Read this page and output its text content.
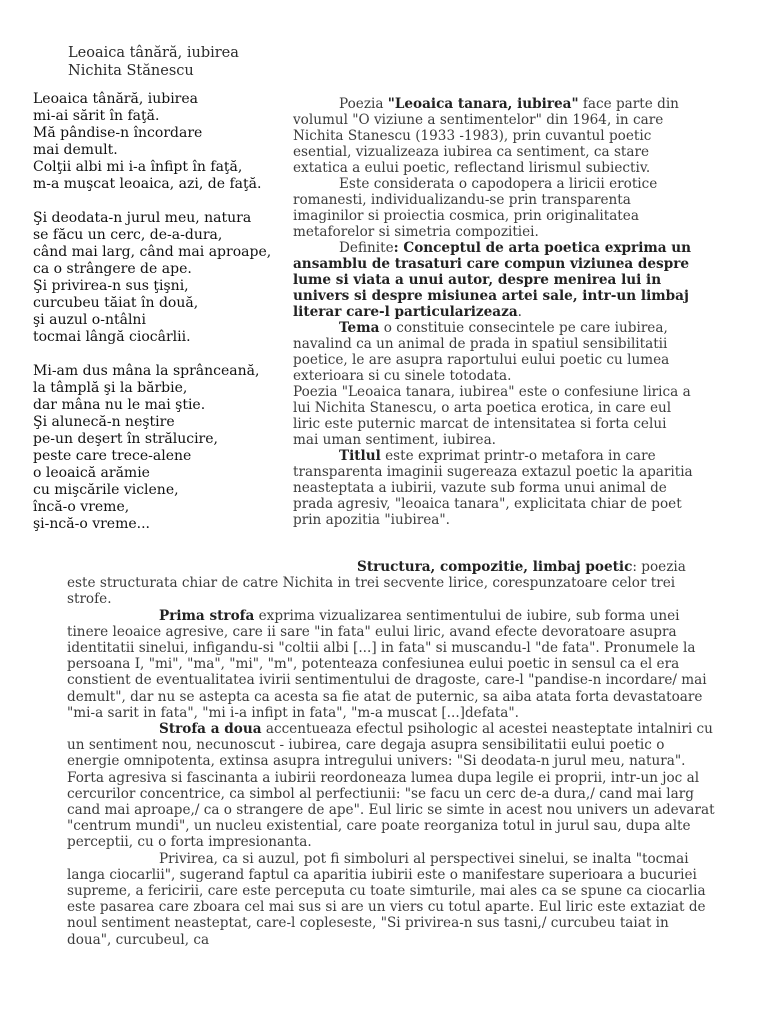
Leoaica tânără, iubirea
Nichita Stănescu
Leoaica tânără, iubirea
mi-ai sărit în faţă.
Mă pândise-n încordare
mai demult.
Colţii albi mi i-a înfipt în faţă,
m-a muşcat leoaica, azi, de faţă.
Şi deodata-n jurul meu, natura
se făcu un cerc, de-a-dura,
când mai larg, când mai aproape,
ca o strângere de ape.
Şi privirea-n sus ţişni,
curcubeu tăiat în două,
şi auzul o-ntâlni
tocmai lângă ciocârlii.
Mi-am dus mâna la sprânceană,
la tâmplă şi la bărbie,
dar mâna nu le mai ştie.
Şi alunecă-n neştire
pe-un deşert în strălucire,
peste care trece-alene
o leoaică arămie
cu mişcările viclene,
încă-o vreme,
şi-ncă-o vreme...

Poezia "Leoaica tanara, iubirea" face parte din volumul "O viziune a sentimentelor" din 1964, in care Nichita Stanescu (1933 -1983), prin cuvantul poetic esential, vizualizeaza iubirea ca sentiment, ca stare extatica a eului poetic, reflectand lirismul subiectiv.

Este considerata o capodopera a liricii erotice romanesti, individualizandu-se prin transparenta imaginilor si proiectia cosmica, prin originalitatea metaforelor si simetria compozitiei.

Definite: Conceptul de arta poetica exprima un ansamblu de trasaturi care compun viziunea despre lume si viata a unui autor, despre menirea lui in univers si despre misiunea artei sale, intr-un limbaj literar care-l particularizeaza.

Tema o constituie consecintele pe care iubirea, navalind ca un animal de prada in spatiul sensibilitatii poetice, le are asupra raportului eului poetic cu lumea exterioara si cu sinele totodata.

Poezia "Leoaica tanara, iubirea" este o confesiune lirica a lui Nichita Stanescu, o arta poetica erotica, in care eul liric este puternic marcat de intensitatea si forta celui mai uman sentiment, iubirea.

Titlul este exprimat printr-o metafora in care transparenta imaginii sugereaza extazul poetic la aparitia neasteptata a iubirii, vazute sub forma unui animal de prada agresiv, "leoaica tanara", explicitata chiar de poet prin apozitia "iubirea".

Structura, compozitie, limbaj poetic: poezia este structurata chiar de catre Nichita in trei secvente lirice, corespunzatoare celor trei strofe.

Prima strofa exprima vizualizarea sentimentului de iubire, sub forma unei tinere leoaice agresive, care ii sare "in fata" eului liric, avand efecte devoratoare asupra identitatii sinelui, infigandu-si "coltii albi [...] in fata" si muscandu-l "de fata". Pronumele la persoana I, "mi", "ma", "mi", "m", potenteaza confesiunea eului poetic in sensul ca el era constient de eventualitatea ivirii sentimentului de dragoste, care-l "pandise-n incordare/ mai demult", dar nu se astepta ca acesta sa fie atat de puternic, sa aiba atata forta devastatoare "mi-a sarit in fata", "mi i-a infipt in fata", "m-a muscat [...]defata".

Strofa a doua accentueaza efectul psihologic al acestei neasteptate intalniri cu un sentiment nou, necunoscut - iubirea, care degaja asupra sensibilitatii eului poetic o energie omnipotenta, extinsa asupra intregului univers: "Si deodata-n jurul meu, natura". Forta agresiva si fascinanta a iubirii reordoneaza lumea dupa legile ei proprii, intr-un joc al cercurilor concentrice, ca simbol al perfectiunii: "se facu un cerc de-a dura,/ cand mai larg cand mai aproape,/ ca o strangere de ape". Eul liric se simte in acest nou univers un adevarat "centrum mundi", un nucleu existential, care poate reorganiza totul in jurul sau, dupa alte perceptii, cu o forta impresionanta.

Privirea, ca si auzul, pot fi simboluri al perspectivei sinelui, se inalta "tocmai langa ciocarlii", sugerand faptul ca aparitia iubirii este o manifestare superioara a bucuriei supreme, a fericirii, care este perceputa cu toate simturile, mai ales ca se spune ca ciocarlia este pasarea care zboara cel mai sus si are un viers cu totul aparte. Eul liric este extaziat de noul sentiment neasteptat, care-l copleseste, "Si privirea-n sus tasni,/ curcubeu taiat in doua", curcubeul, ca
